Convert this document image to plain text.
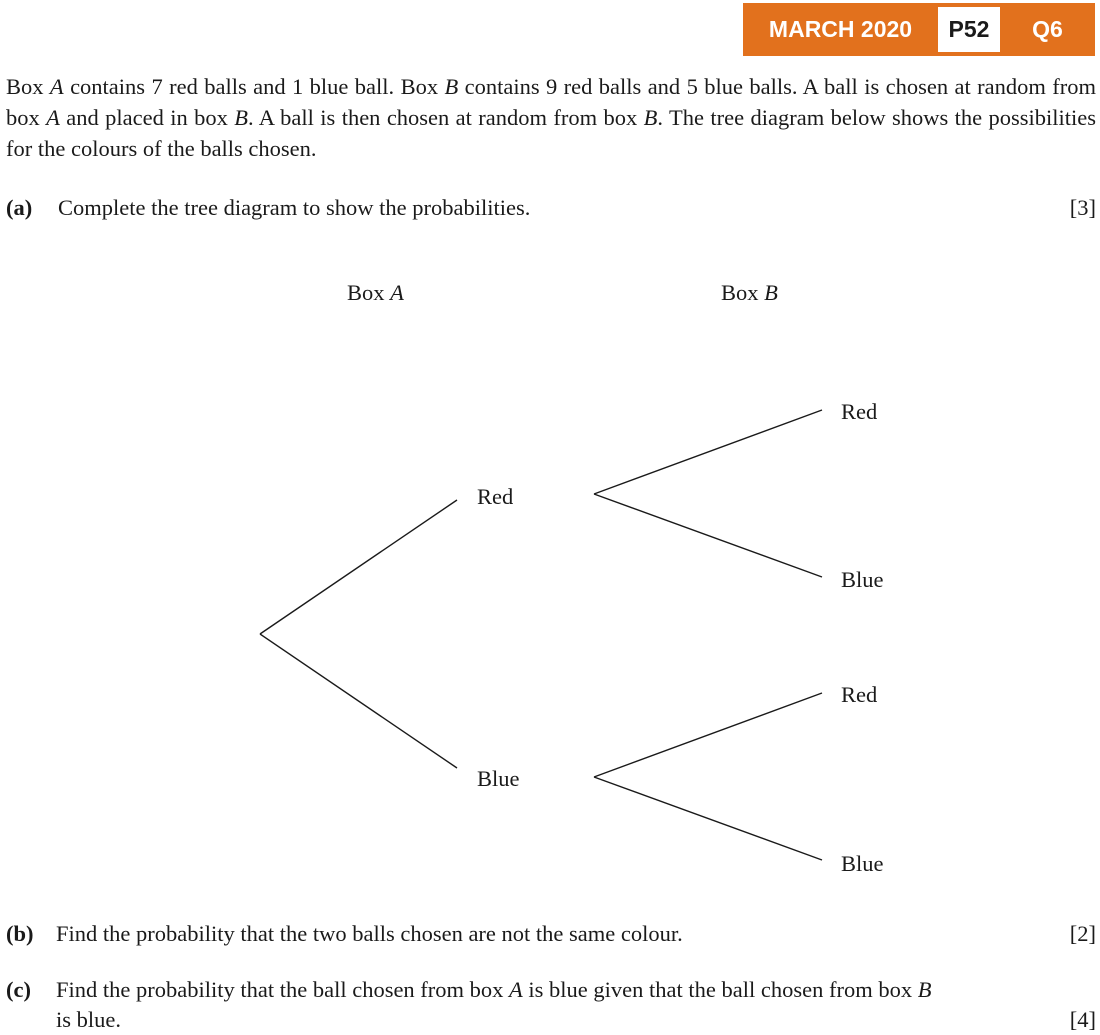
MARCH 2020	P52	Q6
Box A contains 7 red balls and 1 blue ball. Box B contains 9 red balls and 5 blue balls. A ball is chosen at random from box A and placed in box B. A ball is then chosen at random from box B. The tree diagram below shows the possibilities for the colours of the balls chosen.
(a) Complete the tree diagram to show the probabilities.	[3]
Box A	Box B
Red
Blue
Red
Blue
Red
Blue
(b) Find the probability that the two balls chosen are not the same colour.	[2]
(c) Find the probability that the ball chosen from box A is blue given that the ball chosen from box B
is blue.	[4]
